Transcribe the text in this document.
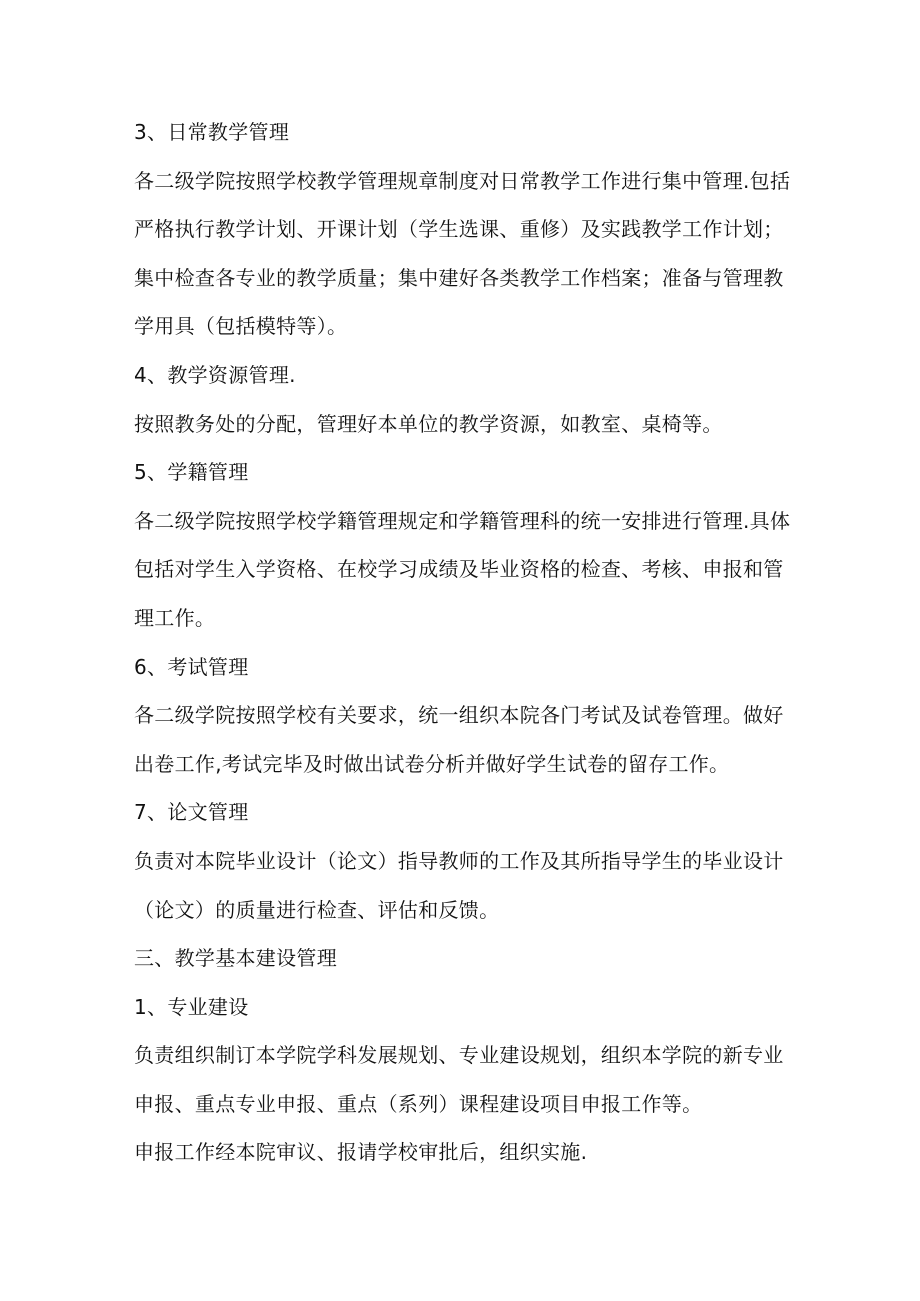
3、日常教学管理
各二级学院按照学校教学管理规章制度对日常教学工作进行集中管理.包括
严格执行教学计划、开课计划（学生选课、重修）及实践教学工作计划；
集中检查各专业的教学质量；集中建好各类教学工作档案；准备与管理教
学用具（包括模特等）。
4、教学资源管理.
按照教务处的分配，管理好本单位的教学资源，如教室、桌椅等。
5、学籍管理
各二级学院按照学校学籍管理规定和学籍管理科的统一安排进行管理.具体
包括对学生入学资格、在校学习成绩及毕业资格的检查、考核、申报和管
理工作。
6、考试管理
各二级学院按照学校有关要求，统一组织本院各门考试及试卷管理。做好
出卷工作,考试完毕及时做出试卷分析并做好学生试卷的留存工作。
7、论文管理
负责对本院毕业设计（论文）指导教师的工作及其所指导学生的毕业设计
（论文）的质量进行检查、评估和反馈。
三、教学基本建设管理
1、专业建设
负责组织制订本学院学科发展规划、专业建设规划，组织本学院的新专业
申报、重点专业申报、重点（系列）课程建设项目申报工作等。
申报工作经本院审议、报请学校审批后，组织实施.
